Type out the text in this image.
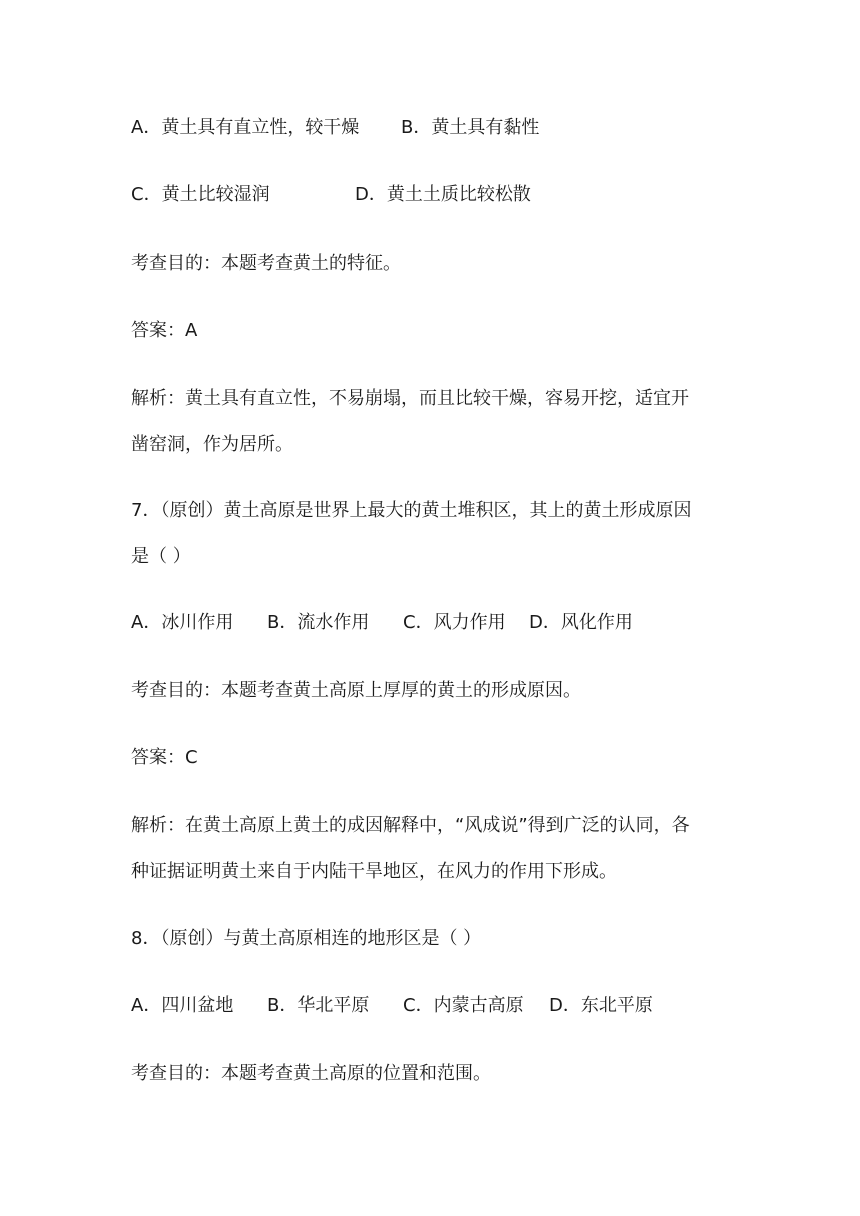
A．黄土具有直立性，较干燥 B．黄土具有黏性
C．黄土比较湿润	D．黄土土质比较松散
考查目的：本题考查黄土的特征。
答案：A
解析：黄土具有直立性，不易崩塌，而且比较干燥，容易开挖，适宜开
凿窑洞，作为居所。
7．（原创）黄土高原是世界上最大的黄土堆积区，其上的黄土形成原因
是（ ）
A．冰川作用 B．流水作用 C．风力作用 D．风化作用
考查目的：本题考查黄土高原上厚厚的黄土的形成原因。
答案：C
解析：在黄土高原上黄土的成因解释中，“风成说”得到广泛的认同，各
种证据证明黄土来自于内陆干旱地区，在风力的作用下形成。
8．（原创）与黄土高原相连的地形区是（ ）
A．四川盆地 B．华北平原 C．内蒙古高原 D．东北平原
考查目的：本题考查黄土高原的位置和范围。
